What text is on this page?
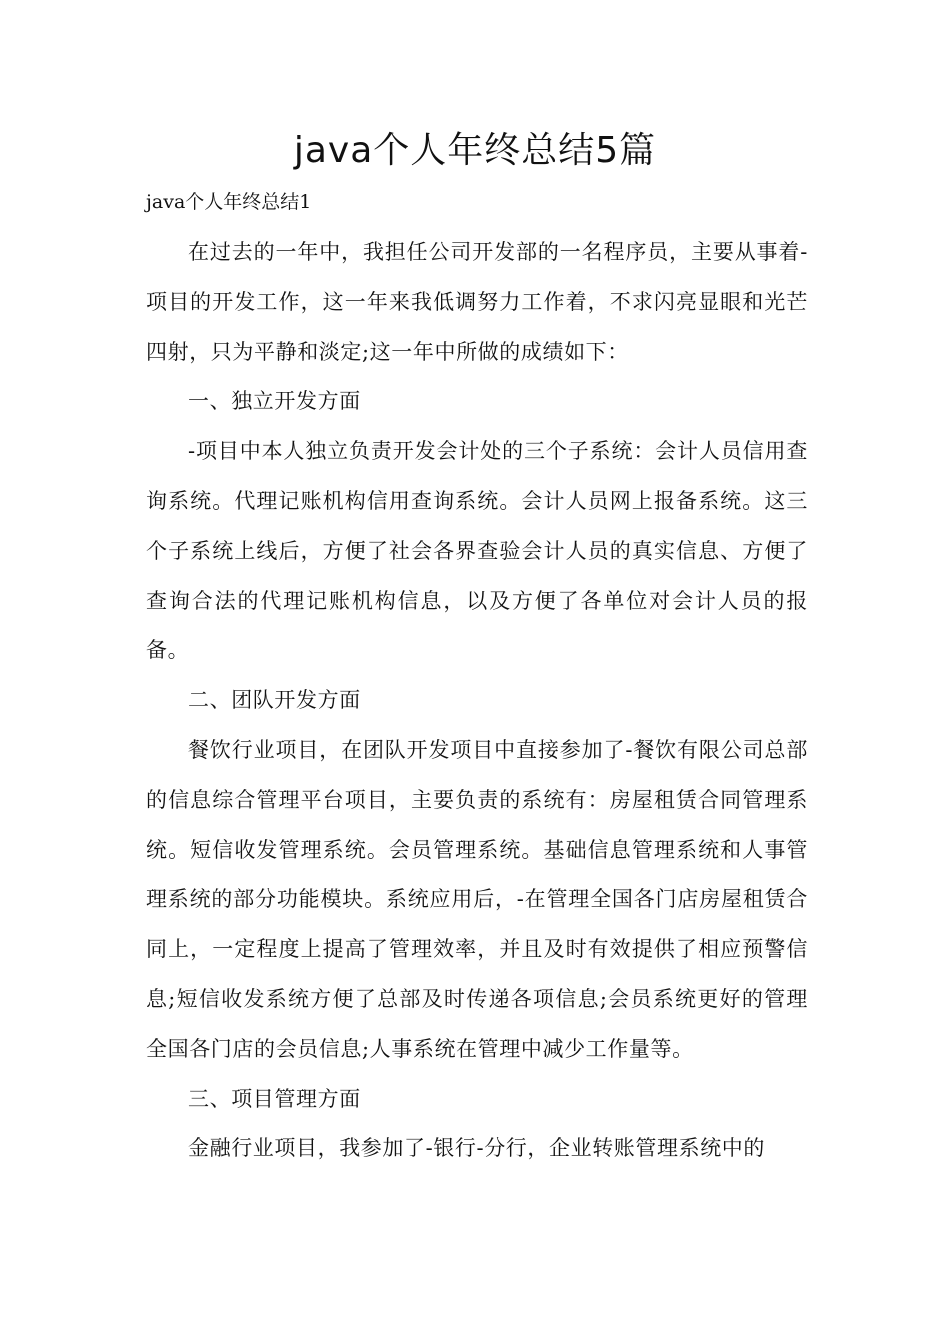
java个人年终总结5篇

java个人年终总结1

在过去的一年中，我担任公司开发部的一名程序员，主要从事着-项目的开发工作，这一年来我低调努力工作着，不求闪亮显眼和光芒四射，只为平静和淡定;这一年中所做的成绩如下：

一、独立开发方面

-项目中本人独立负责开发会计处的三个子系统：会计人员信用查询系统。代理记账机构信用查询系统。会计人员网上报备系统。这三个子系统上线后，方便了社会各界查验会计人员的真实信息、方便了查询合法的代理记账机构信息，以及方便了各单位对会计人员的报备。

二、团队开发方面

餐饮行业项目，在团队开发项目中直接参加了-餐饮有限公司总部的信息综合管理平台项目，主要负责的系统有：房屋租赁合同管理系统。短信收发管理系统。会员管理系统。基础信息管理系统和人事管理系统的部分功能模块。系统应用后，-在管理全国各门店房屋租赁合同上，一定程度上提高了管理效率，并且及时有效提供了相应预警信息;短信收发系统方便了总部及时传递各项信息;会员系统更好的管理全国各门店的会员信息;人事系统在管理中减少工作量等。

三、项目管理方面

金融行业项目，我参加了-银行-分行，企业转账管理系统中的
